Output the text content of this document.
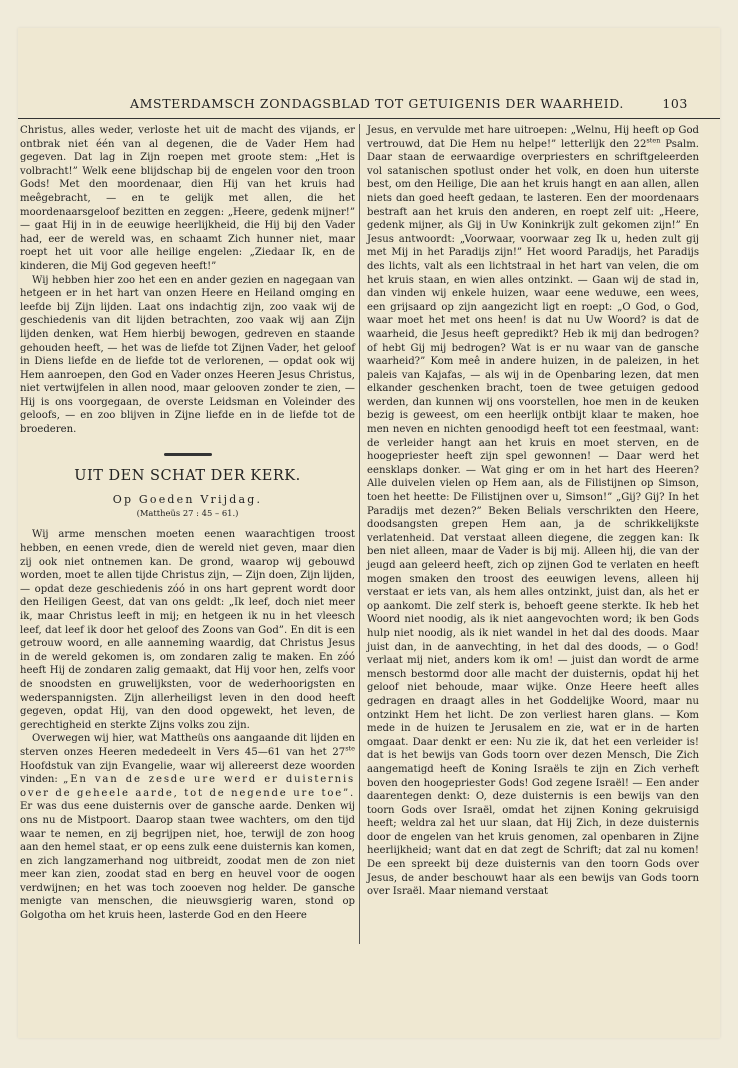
AMSTERDAMSCH ZONDAGSBLAD TOT GETUIGENIS DER WAARHEID.	103

Christus, alles weder, verloste het uit de macht des vijands, er ontbrak niet één van al degenen, die de Vader Hem had gegeven. Dat lag in Zijn roepen met groote stem: „Het is volbracht!” Welk eene blijdschap bij de engelen voor den troon Gods! Met den moordenaar, dien Hij van het kruis had meêgebracht, — en te gelijk met allen, die het moordenaarsgeloof bezitten en zeggen: „Heere, gedenk mijner!” — gaat Hij in in de eeuwige heerlijkheid, die Hij bij den Vader had, eer de wereld was, en schaamt Zich hunner niet, maar roept het uit voor alle heilige engelen: „Ziedaar Ik, en de kinderen, die Mij God gegeven heeft!”

Wij hebben hier zoo het een en ander gezien en nagegaan van hetgeen er in het hart van onzen Heere en Heiland omging en leefde bij Zijn lijden. Laat ons indachtig zijn, zoo vaak wij de geschiedenis van dit lijden betrachten, zoo vaak wij aan Zijn lijden denken, wat Hem hierbij bewogen, gedreven en staande gehouden heeft, — het was de liefde tot Zijnen Vader, het geloof in Diens liefde en de liefde tot de verlorenen, — opdat ook wij Hem aanroepen, den God en Vader onzes Heeren Jesus Christus, niet vertwijfelen in allen nood, maar gelooven zonder te zien, — Hij is ons voorgegaan, de overste Leidsman en Voleinder des geloofs, — en zoo blijven in Zijne liefde en in de liefde tot de broederen.

UIT DEN SCHAT DER KERK.
Op Goeden Vrijdag.
(Mattheüs 27 : 45 – 61.)

Wij arme menschen moeten eenen waarachtigen troost hebben, en eenen vrede, dien de wereld niet geven, maar dien zij ook niet ontnemen kan. De grond, waarop wij gebouwd worden, moet te allen tijde Christus zijn, — Zijn doen, Zijn lijden, — opdat deze geschiedenis zóó in ons hart geprent wordt door den Heiligen Geest, dat van ons geldt: „Ik leef, doch niet meer ik, maar Christus leeft in mij; en hetgeen ik nu in het vleesch leef, dat leef ik door het geloof des Zoons van God”. En dit is een getrouw woord, en alle aanneming waardig, dat Christus Jesus in de wereld gekomen is, om zondaren zalig te maken. En zóó heeft Hij de zondaren zalig gemaakt, dat Hij voor hen, zelfs voor de snoodsten en gruwelijksten, voor de wederhoorigsten en wederspannigsten. Zijn allerheiligst leven in den dood heeft gegeven, opdat Hij, van den dood opgewekt, het leven, de gerechtigheid en sterkte Zijns volks zou zijn.

Overwegen wij hier, wat Mattheüs ons aangaande dit lijden en sterven onzes Heeren mededeelt in Vers 45—61 van het 27ste Hoofdstuk van zijn Evangelie, waar wij allereerst deze woorden vinden: „En van de zesde ure werd er duisternis over de geheele aarde, tot de negende ure toe”. Er was dus eene duisternis over de gansche aarde. Denken wij ons nu de Mistpoort. Daarop staan twee wachters, om den tijd waar te nemen, en zij begrijpen niet, hoe, terwijl de zon hoog aan den hemel staat, er op eens zulk eene duisternis kan komen, en zich langzamerhand nog uitbreidt, zoodat men de zon niet meer kan zien, zoodat stad en berg en heuvel voor de oogen verdwijnen; en het was toch zooeven nog helder. De gansche menigte van menschen, die nieuwsgierig waren, stond op Golgotha om het kruis heen, lasterde God en den Heere

Jesus, en vervulde met hare uitroepen: „Welnu, Hij heeft op God vertrouwd, dat Die Hem nu helpe!” letterlijk den $22^{sten}$ Psalm. Daar staan de eerwaardige overpriesters en schriftgeleerden vol satanischen spotlust onder het volk, en doen hun uiterste best, om den Heilige, Die aan het kruis hangt en aan allen, allen niets dan goed heeft gedaan, te lasteren. Een der moordenaars bestraft aan het kruis den anderen, en roept zelf uit: „Heere, gedenk mijner, als Gij in Uw Koninkrijk zult gekomen zijn!” En Jesus antwoordt: „Voorwaar, voorwaar zeg Ik u, heden zult gij met Mij in het Paradijs zijn!” Het woord Paradijs, het Paradijs des lichts, valt als een lichtstraal in het hart van velen, die om het kruis staan, en wien alles ontzinkt. — Gaan wij de stad in, dan vinden wij enkele huizen, waar eene weduwe, een wees, een grijsaard op zijn aangezicht ligt en roept: „O God, o God, waar moet het met ons heen! is dat nu Uw Woord? is dat de waarheid, die Jesus heeft gepredikt? Heb ik mij dan bedrogen? of hebt Gij mij bedrogen? Wat is er nu waar van de gansche waarheid?” Kom meê in andere huizen, in de paleizen, in het paleis van Kajafas, — als wij in de Openbaring lezen, dat men elkander geschenken bracht, toen de twee getuigen gedood werden, dan kunnen wij ons voorstellen, hoe men in de keuken bezig is geweest, om een heerlijk ontbijt klaar te maken, hoe men neven en nichten genoodigd heeft tot een feestmaal, want: de verleider hangt aan het kruis en moet sterven, en de hoogepriester heeft zijn spel gewonnen! — Daar werd het eensklaps donker. — Wat ging er om in het hart des Heeren? Alle duivelen vielen op Hem aan, als de Filistijnen op Simson, toen het heette: De Filistijnen over u, Simson!” „Gij? Gij? In het Paradijs met dezen?” Beken Belials verschrikten den Heere, doodsangsten grepen Hem aan, ja de schrikkelijkste verlatenheid. Dat verstaat alleen diegene, die zeggen kan: Ik ben niet alleen, maar de Vader is bij mij. Alleen hij, die van der jeugd aan geleerd heeft, zich op zijnen God te verlaten en heeft mogen smaken den troost des eeuwigen levens, alleen hij verstaat er iets van, als hem alles ontzinkt, juist dan, als het er op aankomt. Die zelf sterk is, behoeft geene sterkte. Ik heb het Woord niet noodig, als ik niet aangevochten word; ik ben Gods hulp niet noodig, als ik niet wandel in het dal des doods. Maar juist dan, in de aanvechting, in het dal des doods, — o God! verlaat mij niet, anders kom ik om! — juist dan wordt de arme mensch bestormd door alle macht der duisternis, opdat hij het geloof niet behoude, maar wijke. Onze Heere heeft alles gedragen en draagt alles in het Goddelijke Woord, maar nu ontzinkt Hem het licht. De zon verliest haren glans. — Kom mede in de huizen te Jerusalem en zie, wat er in de harten omgaat. Daar denkt er een: Nu zie ik, dat het een verleider is! dat is het bewijs van Gods toorn over dezen Mensch, Die Zich aangematigd heeft de Koning Israëls te zijn en Zich verheft boven den hoogepriester Gods! God zegene Israël! — Een ander daarentegen denkt: O, deze duisternis is een bewijs van den toorn Gods over Israël, omdat het zijnen Koning gekruisigd heeft; weldra zal het uur slaan, dat Hij Zich, in deze duisternis door de engelen van het kruis genomen, zal openbaren in Zijne heerlijkheid; want dat en dat zegt de Schrift; dat zal nu komen! De een spreekt bij deze duisternis van den toorn Gods over Jesus, de ander beschouwt haar als een bewijs van Gods toorn over Israël. Maar niemand verstaat
